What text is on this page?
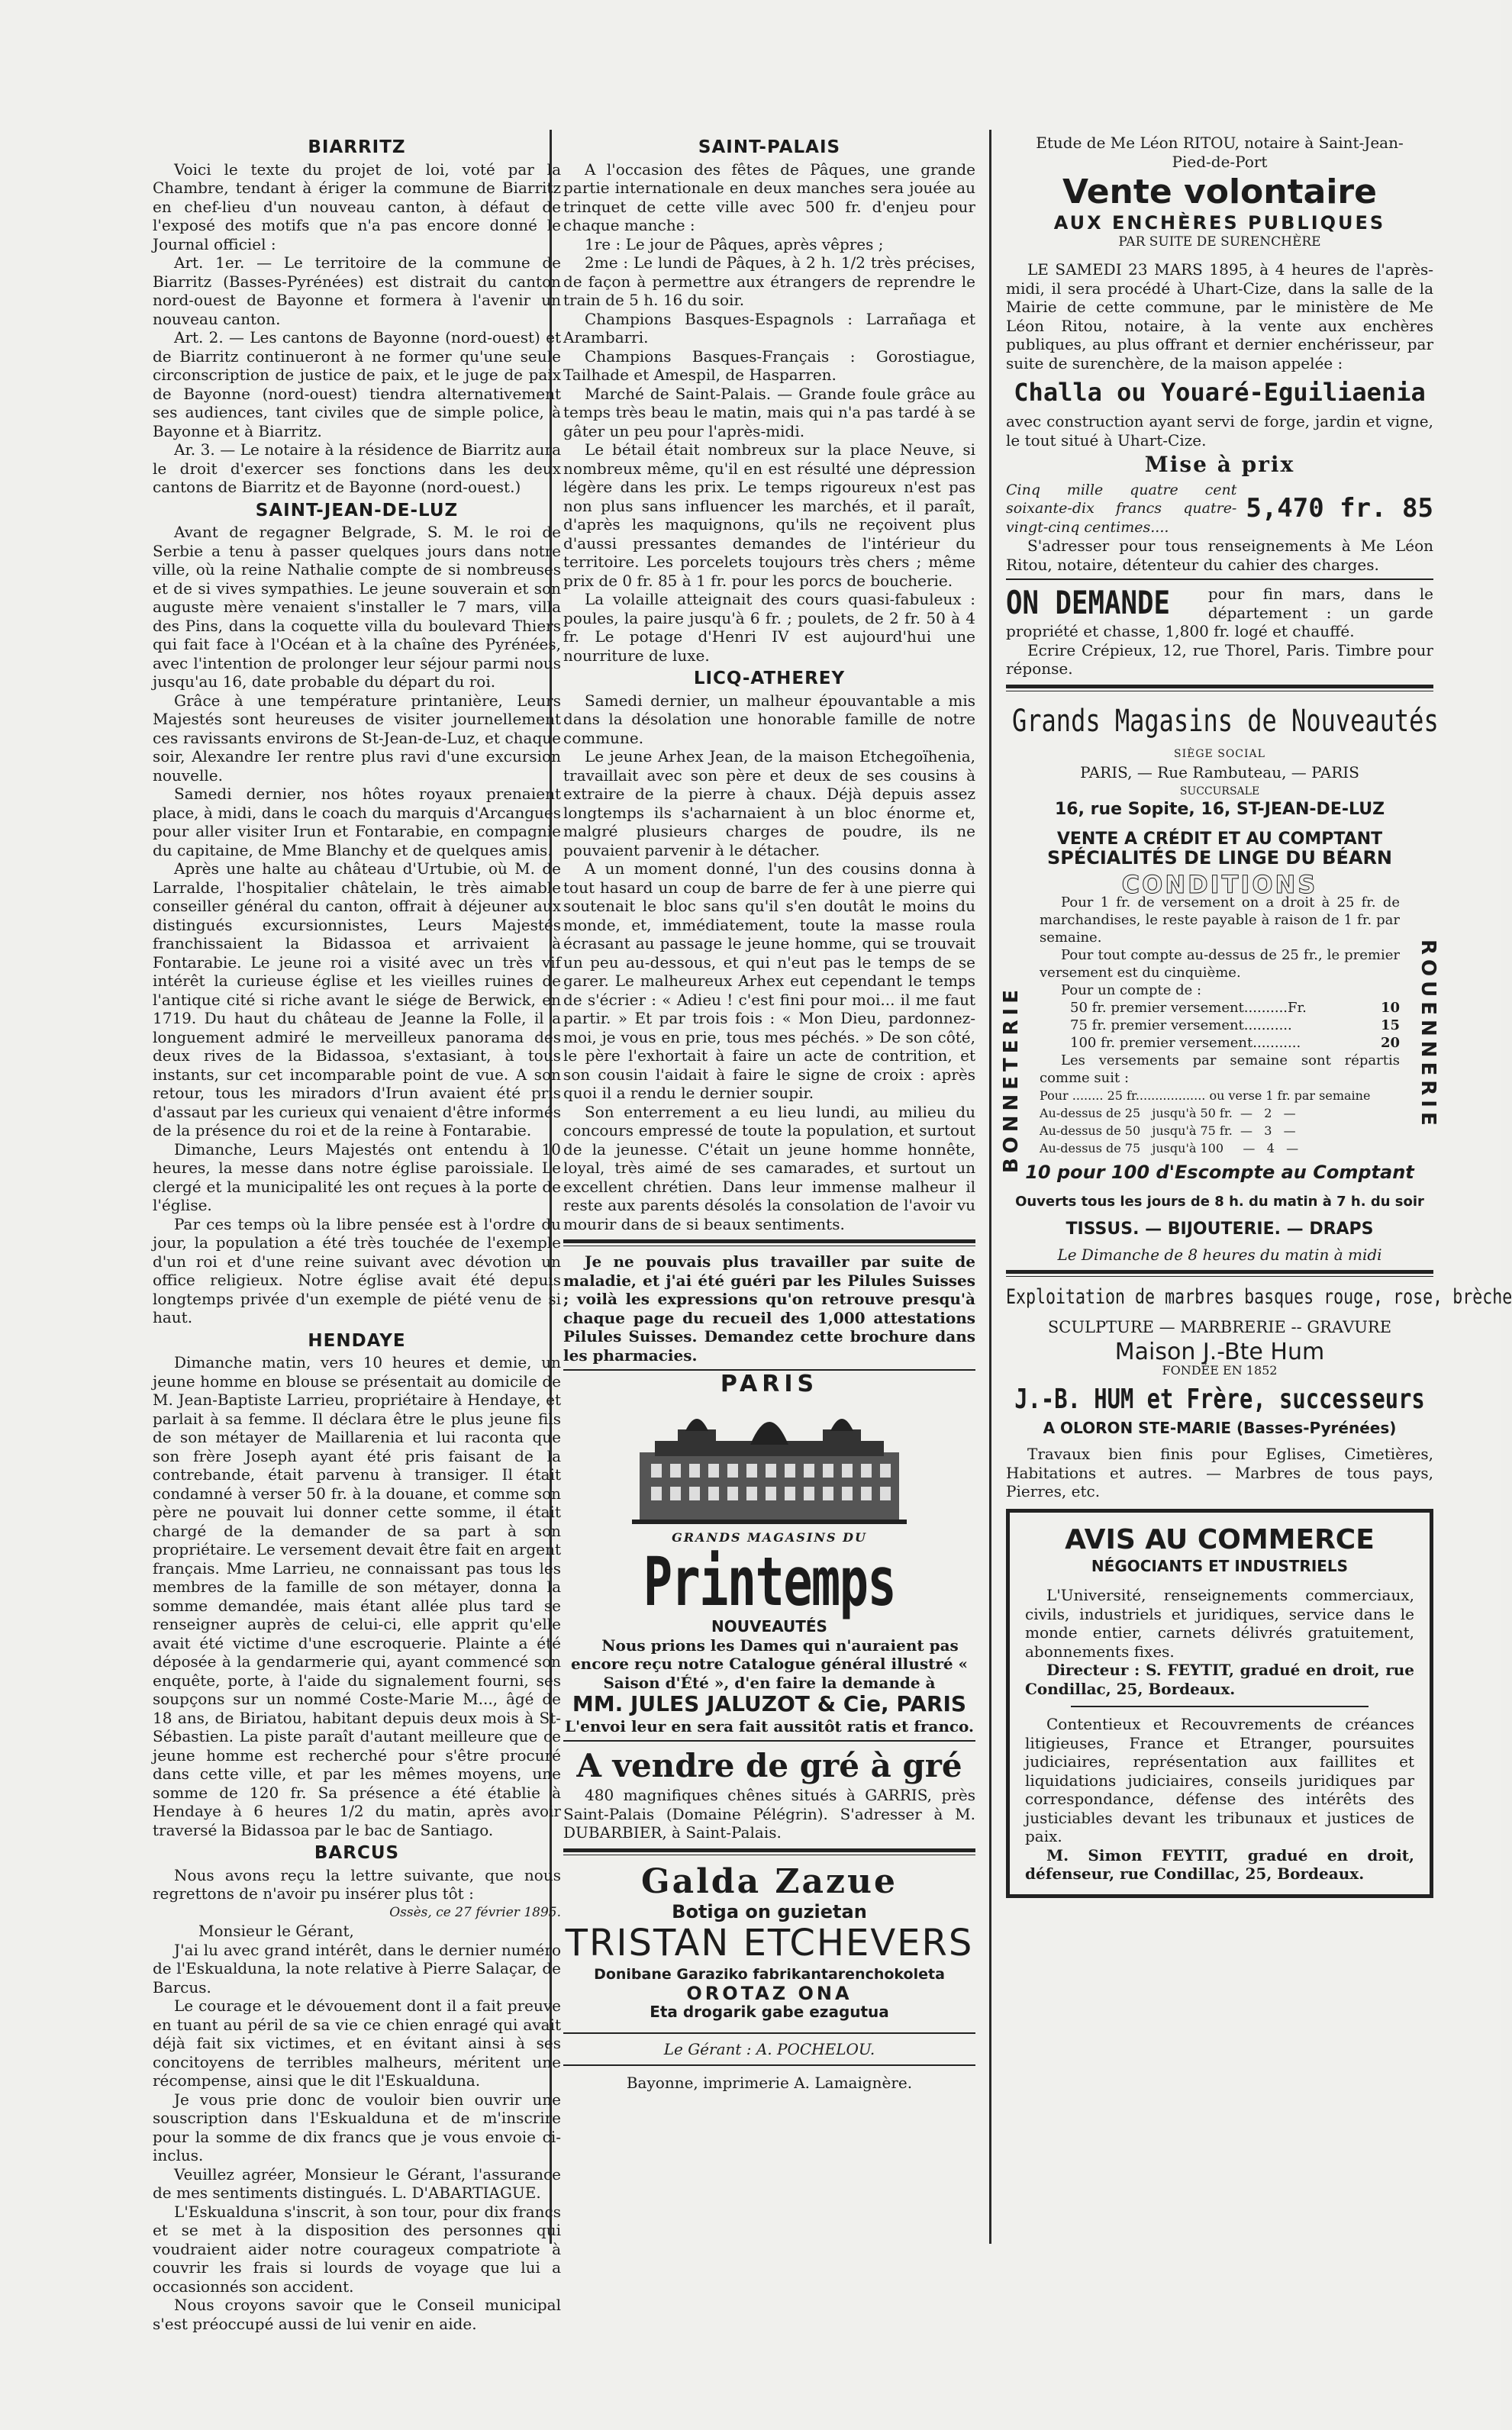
BIARRITZ

Voici le texte du projet de loi, voté par la Chambre, tendant à ériger la commune de Biarritz en chef-lieu d'un nouveau canton, à défaut de l'exposé des motifs que n'a pas encore donné le Journal officiel :

Art. 1er. — Le territoire de la commune de Biarritz (Basses-Pyrénées) est distrait du canton nord-ouest de Bayonne et formera à l'avenir un nouveau canton.

Art. 2. — Les cantons de Bayonne (nord-ouest) et de Biarritz continueront à ne former qu'une seule circonscription de justice de paix, et le juge de paix de Bayonne (nord-ouest) tiendra alternativement ses audiences, tant civiles que de simple police, à Bayonne et à Biarritz.

Ar. 3. — Le notaire à la résidence de Biarritz aura le droit d'exercer ses fonctions dans les deux cantons de Biarritz et de Bayonne (nord-ouest.)

SAINT-JEAN-DE-LUZ

Avant de regagner Belgrade, S. M. le roi de Serbie a tenu à passer quelques jours dans notre ville, où la reine Nathalie compte de si nombreuses et de si vives sympathies. Le jeune souverain et son auguste mère venaient s'installer le 7 mars, villa des Pins, dans la coquette villa du boulevard Thiers qui fait face à l'Océan et à la chaîne des Pyrénées, avec l'intention de prolonger leur séjour parmi nous jusqu'au 16, date probable du départ du roi.

Grâce à une température printanière, Leurs Majestés sont heureuses de visiter journellement ces ravissants environs de St-Jean-de-Luz, et chaque soir, Alexandre Ier rentre plus ravi d'une excursion nouvelle.

Samedi dernier, nos hôtes royaux prenaient place, à midi, dans le coach du marquis d'Arcangues pour aller visiter Irun et Fontarabie, en compagnie du capitaine, de Mme Blanchy et de quelques amis.

Après une halte au château d'Urtubie, où M. de Larralde, l'hospitalier châtelain, le très aimable conseiller général du canton, offrait à déjeuner aux distingués excursionnistes, Leurs Majestés franchissaient la Bidassoa et arrivaient à Fontarabie. Le jeune roi a visité avec un très vif intérêt la curieuse église et les vieilles ruines de l'antique cité si riche avant le siége de Berwick, en 1719. Du haut du château de Jeanne la Folle, il a longuement admiré le merveilleux panorama des deux rives de la Bidassoa, s'extasiant, à tous instants, sur cet incomparable point de vue. A son retour, tous les miradors d'Irun avaient été pris d'assaut par les curieux qui venaient d'être informés de la présence du roi et de la reine à Fontarabie.

Dimanche, Leurs Majestés ont entendu à 10 heures, la messe dans notre église paroissiale. Le clergé et la municipalité les ont reçues à la porte de l'église.

Par ces temps où la libre pensée est à l'ordre du jour, la population a été très touchée de l'exemple d'un roi et d'une reine suivant avec dévotion un office religieux. Notre église avait été depuis longtemps privée d'un exemple de piété venu de si haut.

HENDAYE

Dimanche matin, vers 10 heures et demie, un jeune homme en blouse se présentait au domicile de M. Jean-Baptiste Larrieu, propriétaire à Hendaye, et parlait à sa femme. Il déclara être le plus jeune fils de son métayer de Maillarenia et lui raconta que son frère Joseph ayant été pris faisant de la contrebande, était parvenu à transiger. Il était condamné à verser 50 fr. à la douane, et comme son père ne pouvait lui donner cette somme, il était chargé de la demander de sa part à son propriétaire. Le versement devait être fait en argent français. Mme Larrieu, ne connaissant pas tous les membres de la famille de son métayer, donna la somme demandée, mais étant allée plus tard se renseigner auprès de celui-ci, elle apprit qu'elle avait été victime d'une escroquerie. Plainte a été déposée à la gendarmerie qui, ayant commencé son enquête, porte, à l'aide du signalement fourni, ses soupçons sur un nommé Coste-Marie M..., âgé de 18 ans, de Biriatou, habitant depuis deux mois à St-Sébastien. La piste paraît d'autant meilleure que ce jeune homme est recherché pour s'être procuré dans cette ville, et par les mêmes moyens, une somme de 120 fr. Sa présence a été établie à Hendaye à 6 heures 1/2 du matin, après avoir traversé la Bidassoa par le bac de Santiago.

BARCUS

Nous avons reçu la lettre suivante, que nous regrettons de n'avoir pu insérer plus tôt :

Ossès, ce 27 février 1895.

Monsieur le Gérant,

J'ai lu avec grand intérêt, dans le dernier numéro de l'Eskualduna, la note relative à Pierre Salaçar, de Barcus.

Le courage et le dévouement dont il a fait preuve en tuant au péril de sa vie ce chien enragé qui avait déjà fait six victimes, et en évitant ainsi à ses concitoyens de terribles malheurs, méritent une récompense, ainsi que le dit l'Eskualduna.

Je vous prie donc de vouloir bien ouvrir une souscription dans l'Eskualduna et de m'inscrire pour la somme de dix francs que je vous envoie ci-inclus.

Veuillez agréer, Monsieur le Gérant, l'assurance de mes sentiments distingués. L. D'ABARTIAGUE.

L'Eskualduna s'inscrit, à son tour, pour dix francs et se met à la disposition des personnes qui voudraient aider notre courageux compatriote à couvrir les frais si lourds de voyage que lui a occasionnés son accident.

Nous croyons savoir que le Conseil municipal s'est préoccupé aussi de lui venir en aide.

SAINT-PALAIS

A l'occasion des fêtes de Pâques, une grande partie internationale en deux manches sera jouée au trinquet de cette ville avec 500 fr. d'enjeu pour chaque manche :

1re : Le jour de Pâques, après vêpres ;

2me : Le lundi de Pâques, à 2 h. 1/2 très précises, de façon à permettre aux étrangers de reprendre le train de 5 h. 16 du soir.

Champions Basques-Espagnols : Larrañaga et Arambarri.

Champions Basques-Français : Gorostiague, Tailhade et Amespil, de Hasparren.

Marché de Saint-Palais. — Grande foule grâce au temps très beau le matin, mais qui n'a pas tardé à se gâter un peu pour l'après-midi.

Le bétail était nombreux sur la place Neuve, si nombreux même, qu'il en est résulté une dépression légère dans les prix. Le temps rigoureux n'est pas non plus sans influencer les marchés, et il paraît, d'après les maquignons, qu'ils ne reçoivent plus d'aussi pressantes demandes de l'intérieur du territoire. Les porcelets toujours très chers ; même prix de 0 fr. 85 à 1 fr. pour les porcs de boucherie.

La volaille atteignait des cours quasi-fabuleux : poules, la paire jusqu'à 6 fr. ; poulets, de 2 fr. 50 à 4 fr. Le potage d'Henri IV est aujourd'hui une nourriture de luxe.

LICQ-ATHEREY

Samedi dernier, un malheur épouvantable a mis dans la désolation une honorable famille de notre commune.

Le jeune Arhex Jean, de la maison Etchegoïhenia, travaillait avec son père et deux de ses cousins à extraire de la pierre à chaux. Déjà depuis assez longtemps ils s'acharnaient à un bloc énorme et, malgré plusieurs charges de poudre, ils ne pouvaient parvenir à le détacher.

A un moment donné, l'un des cousins donna à tout hasard un coup de barre de fer à une pierre qui soutenait le bloc sans qu'il s'en doutât le moins du monde, et, immédiatement, toute la masse roula écrasant au passage le jeune homme, qui se trouvait un peu au-dessous, et qui n'eut pas le temps de se garer. Le malheureux Arhex eut cependant le temps de s'écrier : « Adieu ! c'est fini pour moi... il me faut partir. » Et par trois fois : « Mon Dieu, pardonnez-moi, je vous en prie, tous mes péchés. » De son côté, le père l'exhortait à faire un acte de contrition, et son cousin l'aidait à faire le signe de croix : après quoi il a rendu le dernier soupir.

Son enterrement a eu lieu lundi, au milieu du concours empressé de toute la population, et surtout de la jeunesse. C'était un jeune homme honnête, loyal, très aimé de ses camarades, et surtout un excellent chrétien. Dans leur immense malheur il reste aux parents désolés la consolation de l'avoir vu mourir dans de si beaux sentiments.

Je ne pouvais plus travailler par suite de maladie, et j'ai été guéri par les Pilules Suisses ; voilà les expressions qu'on retrouve presqu'à chaque page du recueil des 1,000 attestations Pilules Suisses. Demandez cette brochure dans les pharmacies.

PARIS
GRANDS MAGASINS DU
Printemps
NOUVEAUTÉS

Nous prions les Dames qui n'auraient pas encore reçu notre Catalogue général illustré « Saison d'Été », d'en faire la demande à

MM. JULES JALUZOT & Cie, PARIS
L'envoi leur en sera fait aussitôt ratis et franco.
A vendre de gré à gré

480 magnifiques chênes situés à GARRIS, près Saint-Palais (Domaine Pélégrin). S'adresser à M. DUBARBIER, à Saint-Palais.

Galda Zazue
Botiga on guzietan
TRISTAN ETCHEVERS
Donibane Garaziko fabrikantarenchokoleta
OROTAZ ONA
Eta drogarik gabe ezagutua
Le Gérant : A. POCHELOU.
Bayonne, imprimerie A. Lamaignère.
Etude de Me Léon RITOU, notaire à Saint-Jean-Pied-de-Port
Vente volontaire
AUX ENCHÈRES PUBLIQUES
PAR SUITE DE SURENCHÈRE

LE SAMEDI 23 MARS 1895, à 4 heures de l'après-midi, il sera procédé à Uhart-Cize, dans la salle de la Mairie de cette commune, par le ministère de Me Léon Ritou, notaire, à la vente aux enchères publiques, au plus offrant et dernier enchérisseur, par suite de surenchère, de la maison appelée :

Challa ou Youaré-Eguiliaenia

avec construction ayant servi de forge, jardin et vigne, le tout situé à Uhart-Cize.

Mise à prix
Cinq mille quatre cent soixante-dix francs quatre-vingt-cinq centimes....
5,470 fr. 85

S'adresser pour tous renseignements à Me Léon Ritou, notaire, détenteur du cahier des charges.

ON DEMANDE	pour fin mars, dans le département : un garde propriété et chasse, 1,800 fr. logé et chauffé.

Ecrire Crépieux, 12, rue Thorel, Paris. Timbre pour réponse.

Grands Magasins de Nouveautés
SIÈGE SOCIAL
PARIS, — Rue Rambuteau, — PARIS
SUCCURSALE
16, rue Sopite, 16, ST-JEAN-DE-LUZ
VENTE A CRÉDIT ET AU COMPTANT
SPÉCIALITÉS DE LINGE DU BÉARN
CONDITIONS
BONNETERIE	ROUENNERIE

Pour 1 fr. de versement on a droit à 25 fr. de marchandises, le reste payable à raison de 1 fr. par semaine.

Pour tout compte au-dessus de 25 fr., le premier versement est du cinquième.

Pour un compte de :

50 fr. premier versement..........Fr.	10
75 fr. premier versement...........	15
100 fr. premier versement...........	20

Les versements par semaine sont répartis comme suit :

Pour ........ 25 fr.................. ou verse 1 fr. par semaine
Au-dessus de 25   jusqu'à 50 fr.  —   2   —
Au-dessus de 50   jusqu'à 75 fr.  —   3   —
Au-dessus de 75   jusqu'à 100     —   4   —
10 pour 100 d'Escompte au Comptant
Ouverts tous les jours de 8 h. du matin à 7 h. du soir
TISSUS. — BIJOUTERIE. — DRAPS
Le Dimanche de 8 heures du matin à midi
Exploitation de marbres basques rouge, rose, brèche
SCULPTURE — MARBRERIE -- GRAVURE
Maison J.-Bte Hum
FONDÉE EN 1852
J.-B. HUM et Frère, successeurs
A OLORON STE-MARIE (Basses-Pyrénées)

Travaux bien finis pour Eglises, Cimetières, Habitations et autres. — Marbres de tous pays, Pierres, etc.

AVIS AU COMMERCE
NÉGOCIANTS ET INDUSTRIELS

L'Université, renseignements commerciaux, civils, industriels et juridiques, service dans le monde entier, carnets délivrés gratuitement, abonnements fixes.

Directeur : S. FEYTIT, gradué en droit, rue Condillac, 25, Bordeaux.

Contentieux et Recouvrements de créances litigieuses, France et Etranger, poursuites judiciaires, représentation aux faillites et liquidations judiciaires, conseils juridiques par correspondance, défense des intérêts des justiciables devant les tribunaux et justices de paix.

M. Simon FEYTIT, gradué en droit, défenseur, rue Condillac, 25, Bordeaux.
